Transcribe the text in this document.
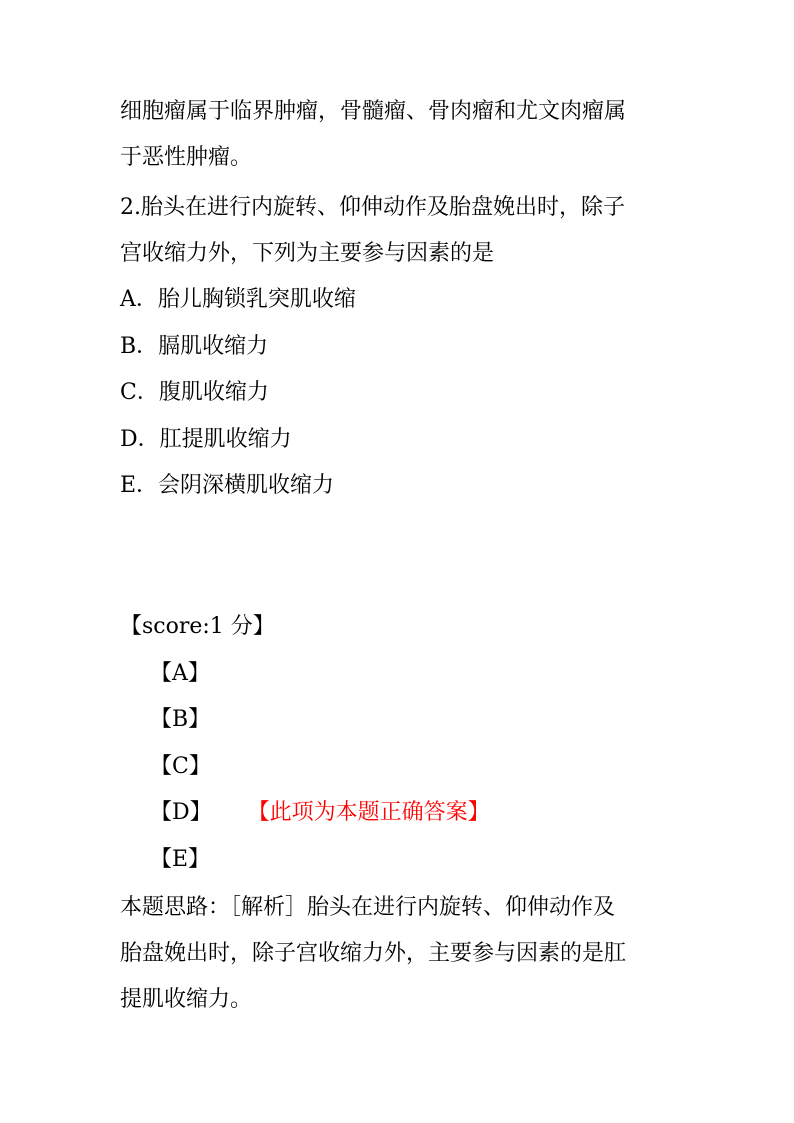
细胞瘤属于临界肿瘤，骨髓瘤、骨肉瘤和尤文肉瘤属
于恶性肿瘤。
2.胎头在进行内旋转、仰伸动作及胎盘娩出时，除子
宫收缩力外，下列为主要参与因素的是
A．胎儿胸锁乳突肌收缩
B．膈肌收缩力
C．腹肌收缩力
D．肛提肌收缩力
E．会阴深横肌收缩力
【score:1 分】
【A】
【B】
【C】
【D】 【此项为本题正确答案】
【E】
本题思路：［解析］胎头在进行内旋转、仰伸动作及
胎盘娩出时，除子宫收缩力外，主要参与因素的是肛
提肌收缩力。
